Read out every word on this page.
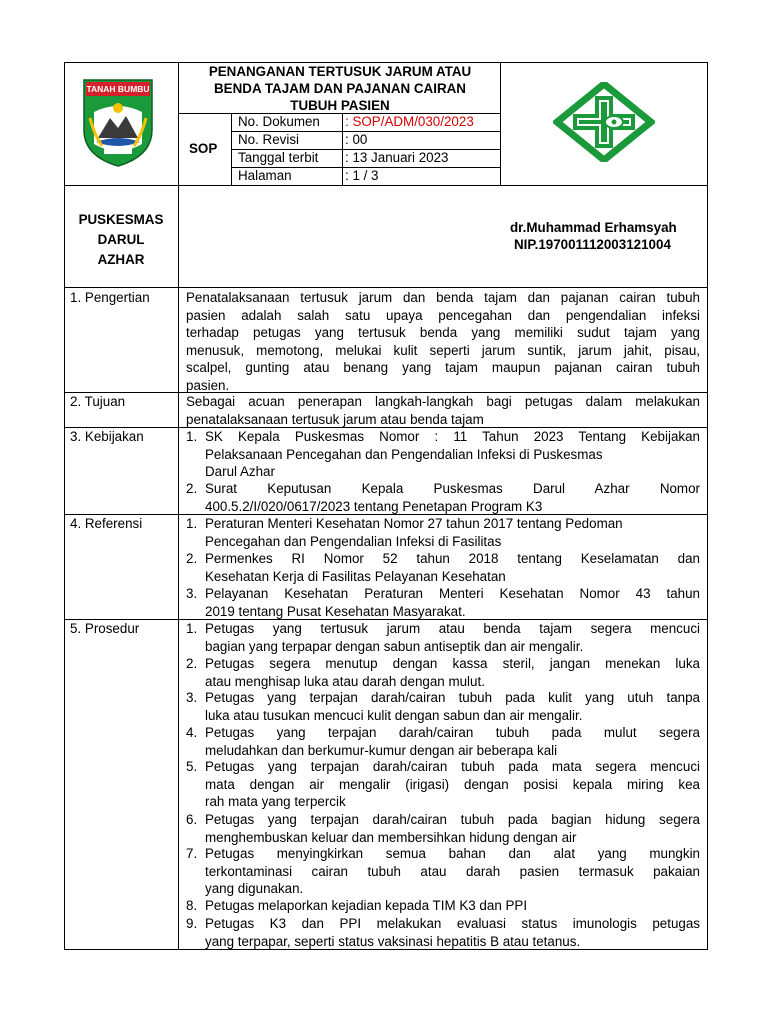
TANAH BUMBU
PENANGANAN TERTUSUK JARUM ATAU
BENDA TAJAM DAN PAJANAN CAIRAN
TUBUH PASIEN
SOP
No. Dokumen : SOP/ADM/030/2023
No. Revisi	: 00
Tanggal terbit : 13 Januari 2023
Halaman	: 1 / 3
PUSKESMAS
DARUL
AZHAR
dr.Muhammad Erhamsyah
NIP.197001112003121004
1. Pengertian	Penatalaksanaan tertusuk jarum dan benda tajam dan pajanan cairan tubuh
pasien adalah salah satu upaya pencegahan dan pengendalian infeksi
terhadap petugas yang tertusuk benda yang memiliki sudut tajam yang
menusuk, memotong, melukai kulit seperti jarum suntik, jarum jahit, pisau,
scalpel, gunting atau benang yang tajam maupun pajanan cairan tubuh
pasien.
2. Tujuan	Sebagai acuan penerapan langkah-langkah bagi petugas dalam melakukan
penatalaksanaan tertusuk jarum atau benda tajam
3. Kebijakan	1. SK Kepala Puskesmas Nomor : 11 Tahun 2023 Tentang Kebijakan
Pelaksanaan Pencegahan dan Pengendalian Infeksi di Puskesmas
Darul Azhar
2. Surat Keputusan Kepala Puskesmas Darul Azhar Nomor
400.5.2/I/020/0617/2023 tentang Penetapan Program K3
4. Referensi	1. Peraturan Menteri Kesehatan Nomor 27 tahun 2017 tentang Pedoman
Pencegahan dan Pengendalian Infeksi di Fasilitas
2. Permenkes RI Nomor 52 tahun 2018 tentang Keselamatan dan
Kesehatan Kerja di Fasilitas Pelayanan Kesehatan
3. Pelayanan Kesehatan Peraturan Menteri Kesehatan Nomor 43 tahun
2019 tentang Pusat Kesehatan Masyarakat.
5. Prosedur	1. Petugas yang tertusuk jarum atau benda tajam segera mencuci
bagian yang terpapar dengan sabun antiseptik dan air mengalir.
2. Petugas segera menutup dengan kassa steril, jangan menekan luka
atau menghisap luka atau darah dengan mulut.
3. Petugas yang terpajan darah/cairan tubuh pada kulit yang utuh tanpa
luka atau tusukan mencuci kulit dengan sabun dan air mengalir.
4. Petugas yang terpajan darah/cairan tubuh pada mulut segera
meludahkan dan berkumur-kumur dengan air beberapa kali
5. Petugas yang terpajan darah/cairan tubuh pada mata segera mencuci
mata dengan air mengalir (irigasi) dengan posisi kepala miring kea
rah mata yang terpercik
6. Petugas yang terpajan darah/cairan tubuh pada bagian hidung segera
menghembuskan keluar dan membersihkan hidung dengan air
7. Petugas menyingkirkan semua bahan dan alat yang mungkin
terkontaminasi cairan tubuh atau darah pasien termasuk pakaian
yang digunakan.
8. Petugas melaporkan kejadian kepada TIM K3 dan PPI
9. Petugas K3 dan PPI melakukan evaluasi status imunologis petugas
yang terpapar, seperti status vaksinasi hepatitis B atau tetanus.
